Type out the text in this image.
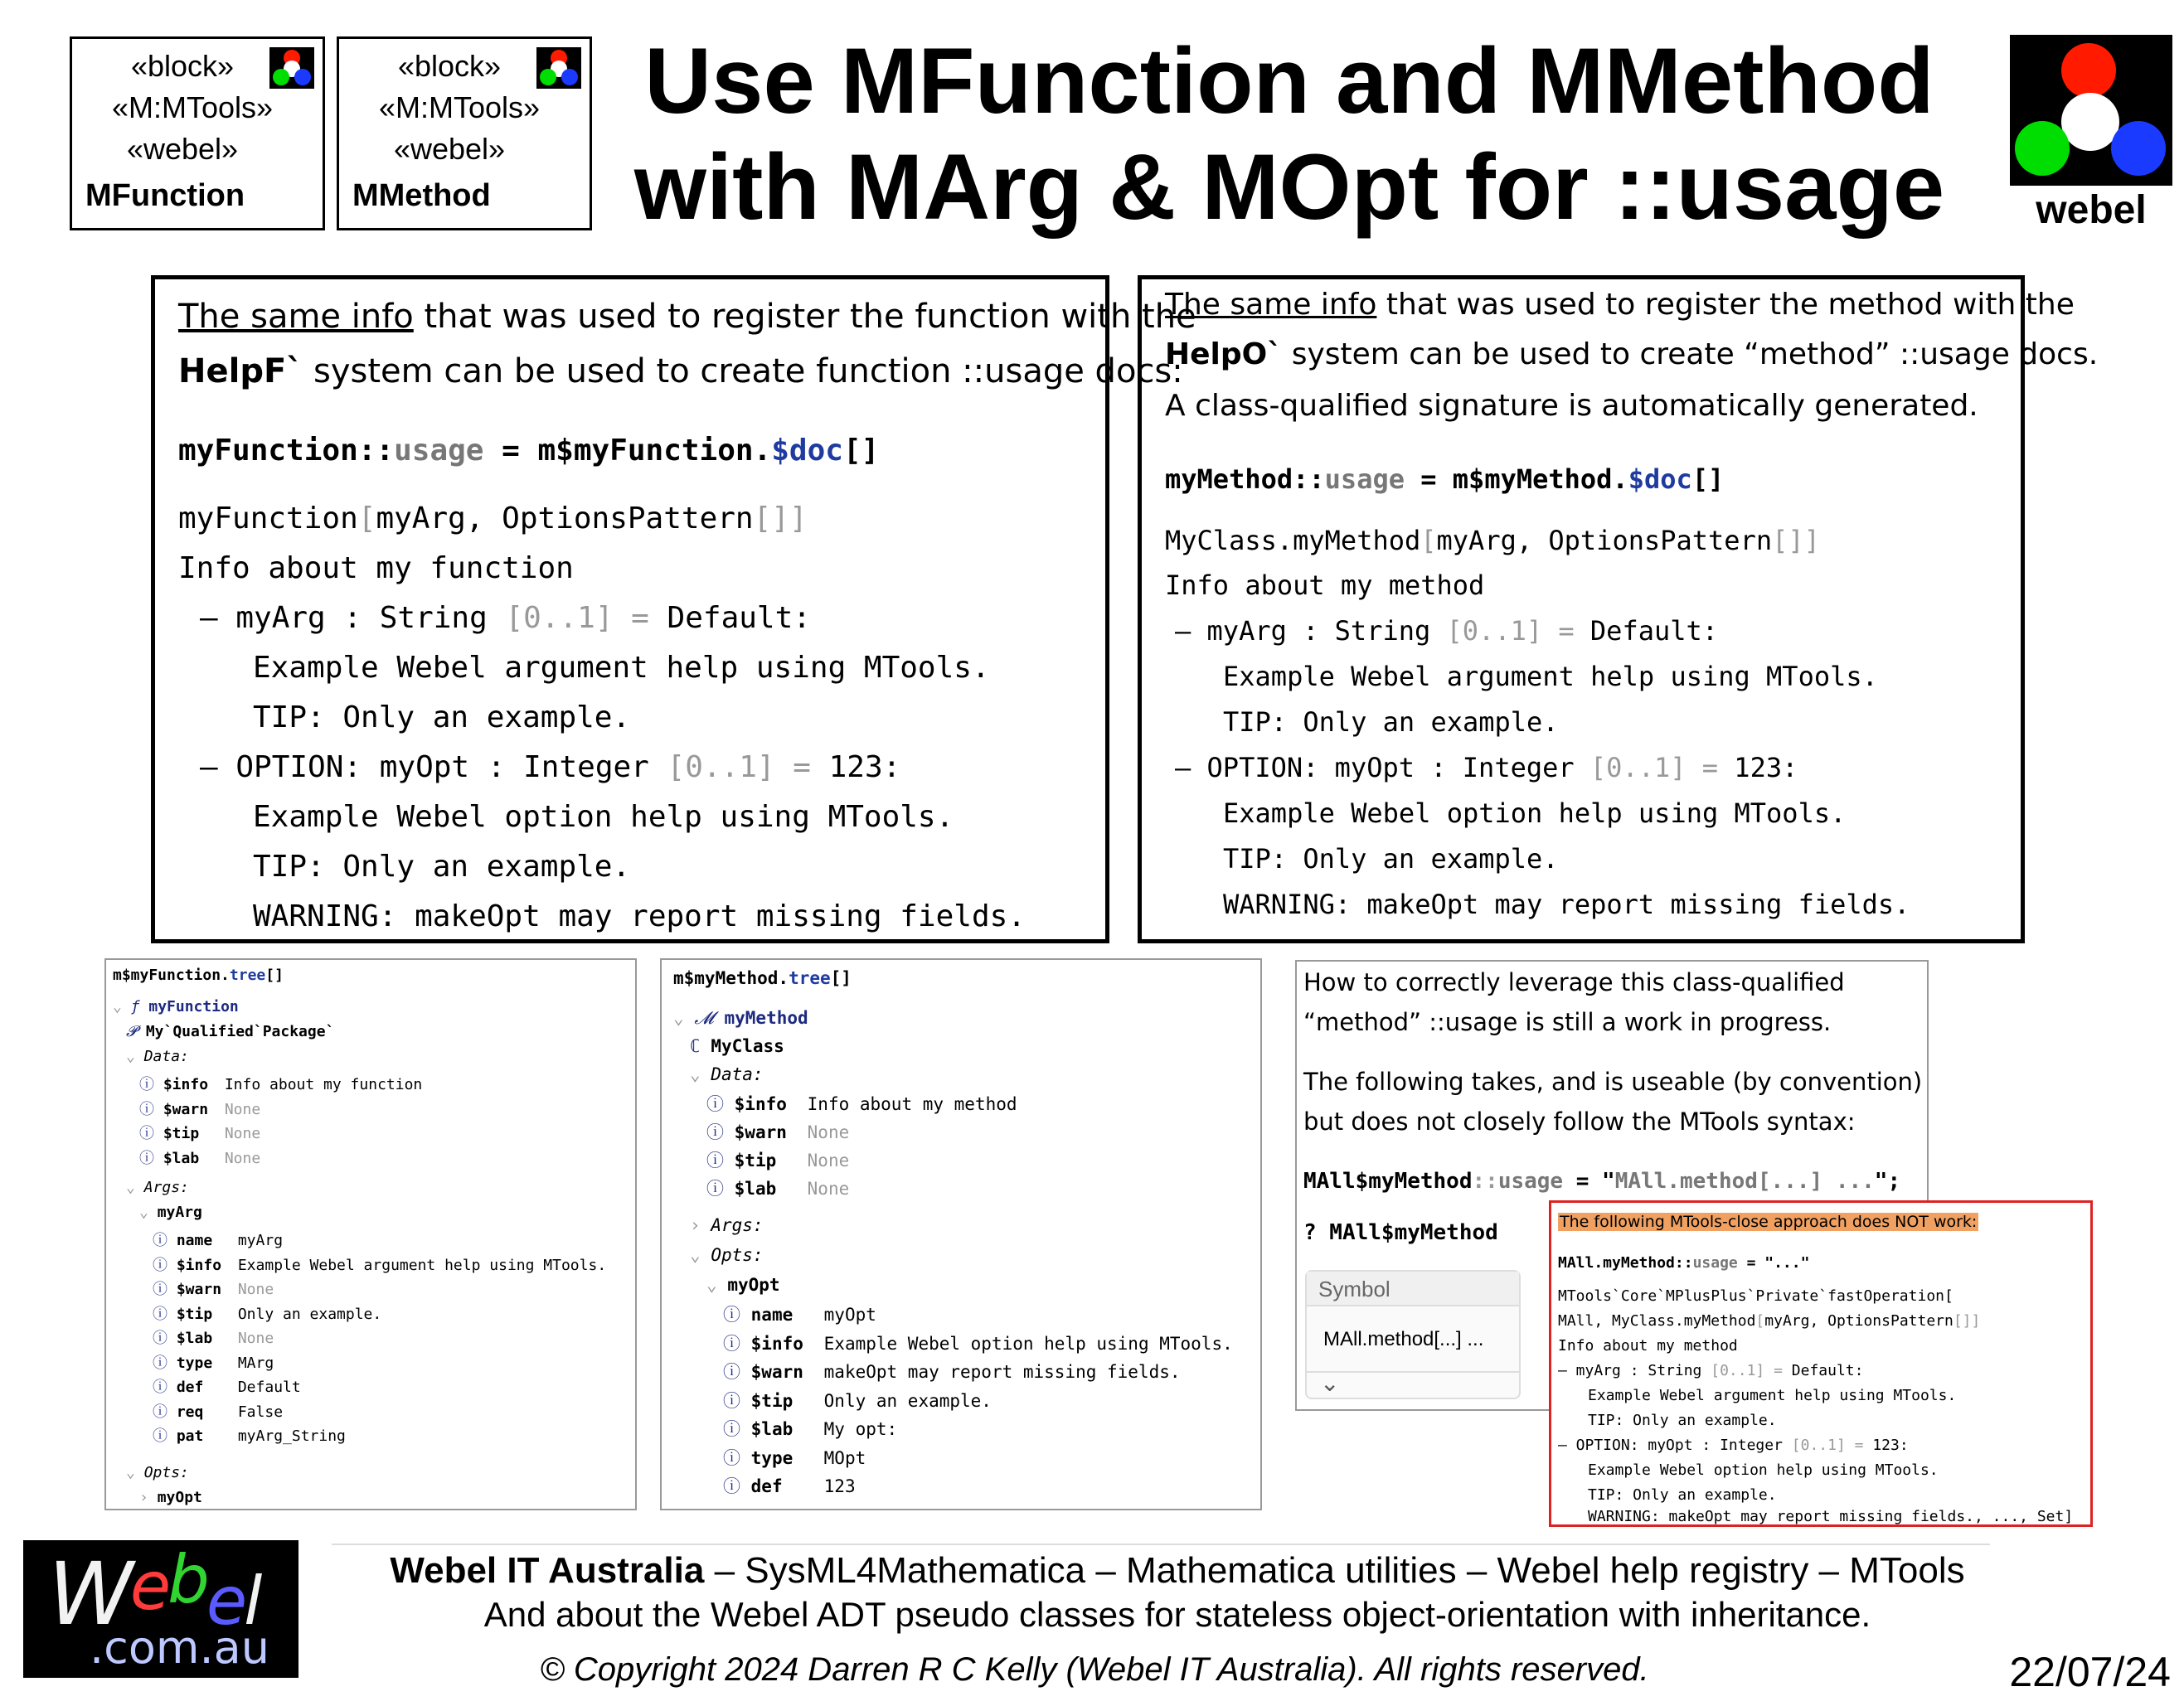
«block»
«M:MTools»
«webel»
MFunction
«block»
«M:MTools»
«webel»
MMethod
Use MFunction and MMethod
with MArg & MOpt for ::usage	webel
The same info that was used to register the function with the
HelpF` system can be used to create function ::usage docs:
myFunction::usage = m$myFunction.$doc[]
myFunction[myArg, OptionsPattern[]]
Info about my function
– myArg : String [0..1] = Default:
Example Webel argument help using MTools.
TIP: Only an example.
– OPTION: myOpt : Integer [0..1] = 123:
Example Webel option help using MTools.
TIP: Only an example.
WARNING: makeOpt may report missing fields.
The same info that was used to register the method with the
HelpO` system can be used to create “method” ::usage docs.
A class-qualified signature is automatically generated.
myMethod::usage = m$myMethod.$doc[]
MyClass.myMethod[myArg, OptionsPattern[]]
Info about my method
– myArg : String [0..1] = Default:
Example Webel argument help using MTools.
TIP: Only an example.
– OPTION: myOpt : Integer [0..1] = 123:
Example Webel option help using MTools.
TIP: Only an example.
WARNING: makeOpt may report missing fields.
m$myFunction.tree[]
⌄ ƒ myFunction
𝓟 My`Qualified`Package`
⌄ Data:
ⓘ $info Info about my function
ⓘ $warn None
ⓘ $tip None
ⓘ $lab None
⌄ Args:
⌄ myArg
ⓘ name myArg
ⓘ $info Example Webel argument help using MTools.
ⓘ $warn None
ⓘ $tip Only an example.
ⓘ $lab None
ⓘ type MArg
ⓘ def Default
ⓘ req False
ⓘ pat myArg_String
⌄ Opts:
› myOpt
m$myMethod.tree[]
⌄ 𝓜 myMethod
ℂ MyClass
⌄ Data:
ⓘ $info Info about my method
ⓘ $warn None
ⓘ $tip None
ⓘ $lab None
› Args:
⌄ Opts:
⌄ myOpt
ⓘ name myOpt
ⓘ $info Example Webel option help using MTools.
ⓘ $warn makeOpt may report missing fields.
ⓘ $tip Only an example.
ⓘ $lab My opt:
ⓘ type MOpt
ⓘ def 123
How to correctly leverage this class-qualified
“method” ::usage is still a work in progress.
The following takes, and is useable (by convention)
but does not closely follow the MTools syntax:
MAll$myMethod::usage = "MAll.method[...] ...";
? MAll$myMethod
Symbol
MAll.method[...] ...
⌄
The following MTools-close approach does NOT work:
MAll.myMethod::usage = "..."
MTools`Core`MPlusPlus`Private`fastOperation[
MAll, MyClass.myMethod[myArg, OptionsPattern[]]
Info about my method
– myArg : String [0..1] = Default:
Example Webel argument help using MTools.
TIP: Only an example.
– OPTION: myOpt : Integer [0..1] = 123:
Example Webel option help using MTools.
TIP: Only an example.
WARNING: makeOpt may report missing fields., ..., Set]
We$^b$el
.com.au
Webel IT Australia – SysML4Mathematica – Mathematica utilities – Webel help registry – MTools
And about the Webel ADT pseudo classes for stateless object-orientation with inheritance.
© Copyright 2024 Darren R C Kelly (Webel IT Australia). All rights reserved.	22/07/24
